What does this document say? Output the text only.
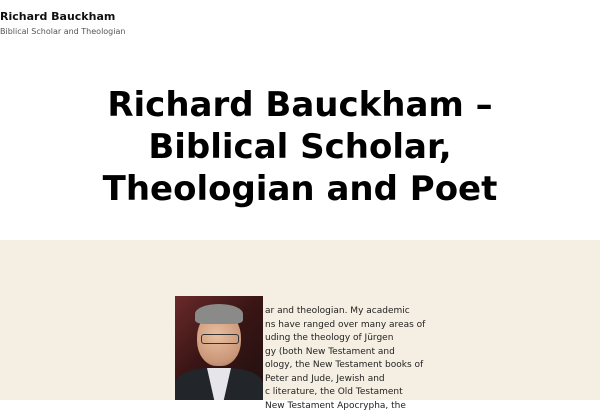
Richard Bauckham
Biblical Scholar and Theologian
Richard Bauckham –
Biblical Scholar,
Theologian and Poet
ar and theologian. My academic
ns have ranged over many areas of
uding the theology of Jürgen
gy (both New Testament and
ology, the New Testament books of
Peter and Jude, Jewish and
c literature, the Old Testament
New Testament Apocrypha, the
